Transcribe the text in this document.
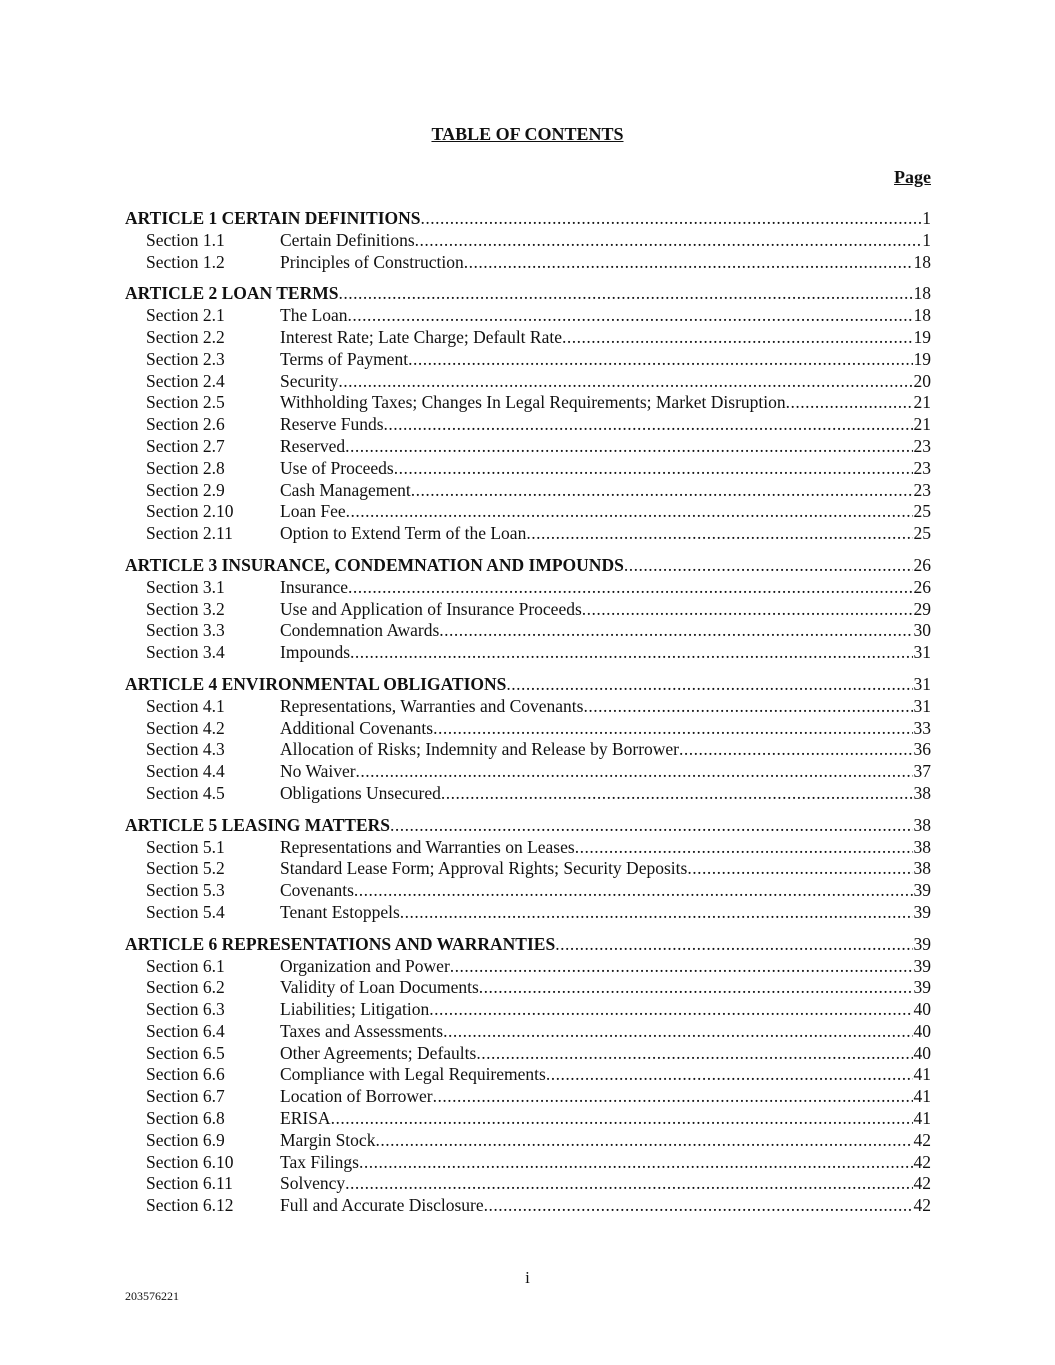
TABLE OF CONTENTS
Page
ARTICLE 1 CERTAIN DEFINITIONS .....	1
Section 1.1	Certain Definitions .....	1
Section 1.2	Principles of Construction .....	18
ARTICLE 2 LOAN TERMS .....	18
Section 2.1	The Loan .....	18
Section 2.2	Interest Rate; Late Charge; Default Rate .....	19
Section 2.3	Terms of Payment .....	19
Section 2.4	Security .....	20
Section 2.5	Withholding Taxes; Changes In Legal Requirements; Market Disruption .....	21
Section 2.6	Reserve Funds .....	21
Section 2.7	Reserved .....	23
Section 2.8	Use of Proceeds .....	23
Section 2.9	Cash Management .....	23
Section 2.10	Loan Fee .....	25
Section 2.11	Option to Extend Term of the Loan .....	25
ARTICLE 3 INSURANCE, CONDEMNATION AND IMPOUNDS .....	26
Section 3.1	Insurance .....	26
Section 3.2	Use and Application of Insurance Proceeds .....	29
Section 3.3	Condemnation Awards .....	30
Section 3.4	Impounds .....	31
ARTICLE 4 ENVIRONMENTAL OBLIGATIONS .....	31
Section 4.1	Representations, Warranties and Covenants .....	31
Section 4.2	Additional Covenants .....	33
Section 4.3	Allocation of Risks; Indemnity and Release by Borrower .....	36
Section 4.4	No Waiver .....	37
Section 4.5	Obligations Unsecured .....	38
ARTICLE 5 LEASING MATTERS .....	38
Section 5.1	Representations and Warranties on Leases .....	38
Section 5.2	Standard Lease Form; Approval Rights; Security Deposits .....	38
Section 5.3	Covenants .....	39
Section 5.4	Tenant Estoppels .....	39
ARTICLE 6 REPRESENTATIONS AND WARRANTIES .....	39
Section 6.1	Organization and Power .....	39
Section 6.2	Validity of Loan Documents .....	39
Section 6.3	Liabilities; Litigation .....	40
Section 6.4	Taxes and Assessments .....	40
Section 6.5	Other Agreements; Defaults .....	40
Section 6.6	Compliance with Legal Requirements .....	41
Section 6.7	Location of Borrower .....	41
Section 6.8	ERISA .....	41
Section 6.9	Margin Stock .....	42
Section 6.10	Tax Filings .....	42
Section 6.11	Solvency .....	42
Section 6.12	Full and Accurate Disclosure .....	42
i
203576221
